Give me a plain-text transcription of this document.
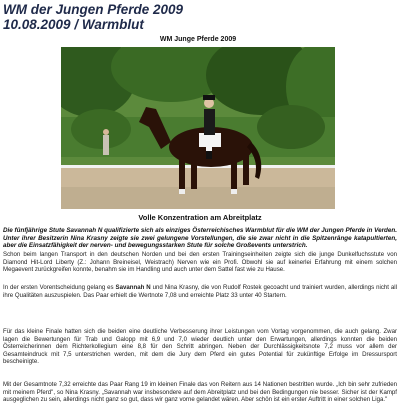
WM der Jungen Pferde 2009
10.08.2009 / Warmblut
WM Junge Pferde 2009
Volle Konzentration am Abreitplatz
Die fünfjährige Stute Savannah N qualifizierte sich als einziges Österreichisches Warmblut für die WM der Jungen Pferde in Verden. Unter ihrer Besitzerin Nina Krasny zeigte sie zwei gelungene Vorstellungen, die sie zwar nicht in die Spitzenränge katapultierten, aber die Einsatzfähigkeit der nerven- und bewegungsstarken Stute für solche Großevents unterstrich.
Schon beim langen Transport in den deutschen Norden und bei den ersten Trainingseinheiten zeigte sich die junge Dunkelfuchsstute von Diamond Hit-Lord Liberty (Z.: Johann Breineisel, Weistrach) Nerven wie ein Profi. Obwohl sie auf keinerlei Erfahrung mit einem solchen Megaevent zurückgreifen konnte, benahm sie im Handling und auch unter dem Sattel fast wie zu Hause.
In der ersten Vorentscheidung gelang es Savannah N und Nina Krasny, die von Rudolf Rostek gecoacht und trainiert wurden, allerdings nicht all ihre Qualitäten auszuspielen. Das Paar erhielt die Wertnote 7,08 und erreichte Platz 33 unter 40 Startern.
Für das kleine Finale hatten sich die beiden eine deutliche Verbesserung ihrer Leistungen vom Vortag vorgenommen, die auch gelang. Zwar lagen die Bewertungen für Trab und Galopp mit 6,9 und 7,0 wieder deutlich unter den Erwartungen, allerdings konnten die beiden Österreicherinnen dem Richterkollegium eine 8,8 für den Schritt abringen. Neben der Durchlässigkeitsnote 7,2 muss vor allem der Gesamteindruck mit 7,5 unterstrichen werden, mit dem die Jury dem Pferd ein gutes Potential für zukünftige Erfolge im Dressursport bescheinigte.
Mit der Gesamtnote 7,32 erreichte das Paar Rang 19 im kleinen Finale das von Reitern aus 14 Nationen bestritten wurde. „Ich bin sehr zufrieden mit meinem Pferd", so Nina Krasny. „Savannah war insbesondere auf dem Abreitplatz und bei den Bedingungen nie besser. Sicher ist der Kampf ausgeglichen zu sein, allerdings nicht ganz so gut, dass wir ganz vorne gelandet wären. Aber schön ist ein erster Auftritt in einer solchen Liga."
